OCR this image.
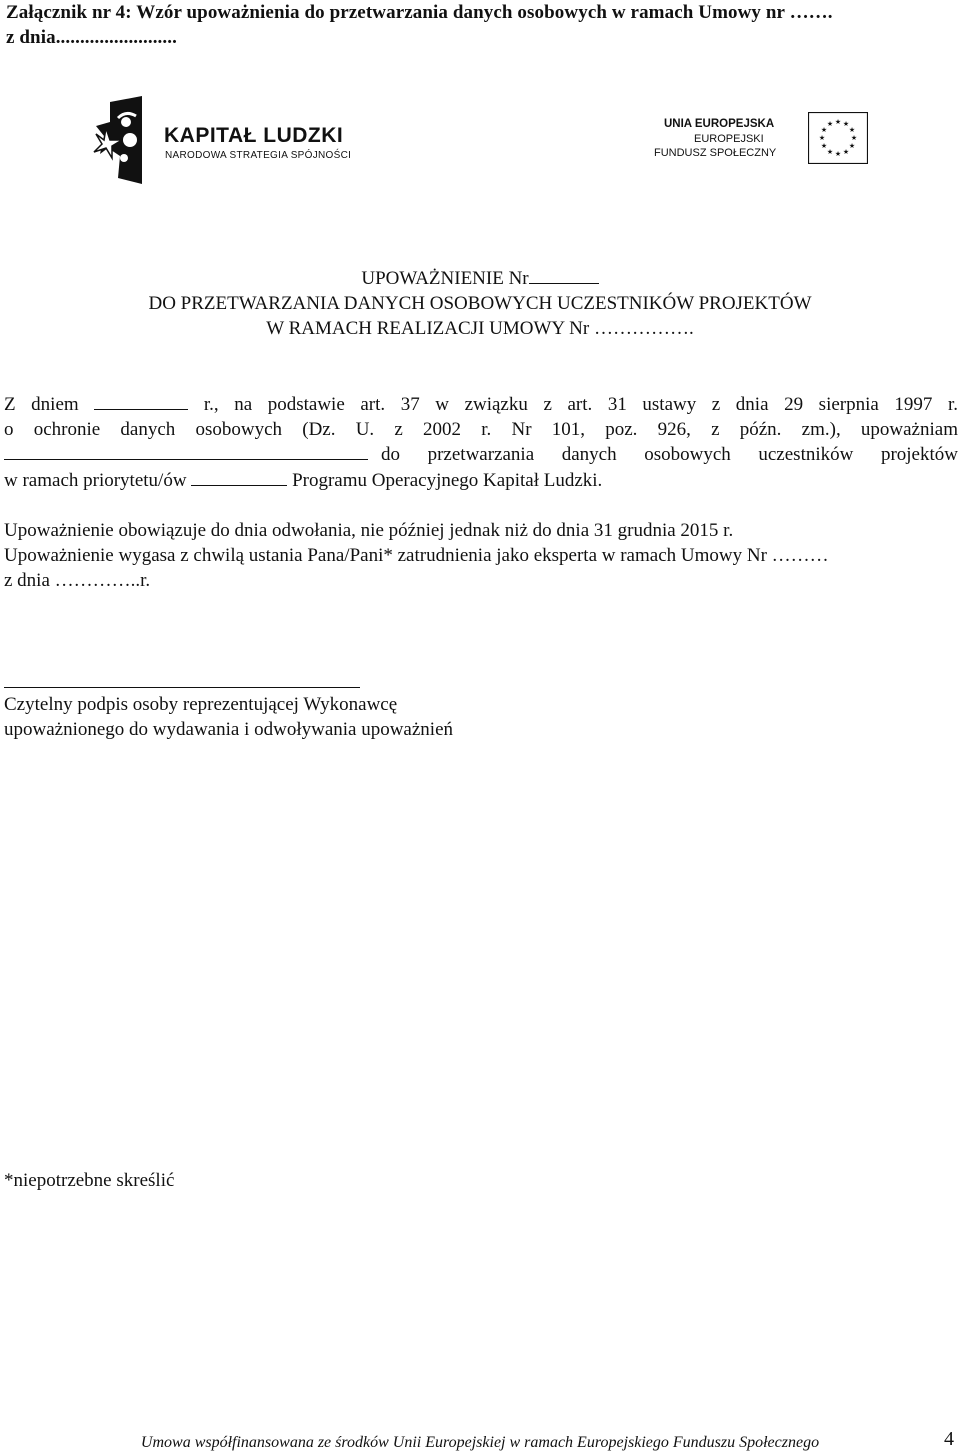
Załącznik nr 4: Wzór upoważnienia do przetwarzania danych osobowych w ramach Umowy nr …….
z dnia.........................
KAPITAŁ LUDZKI
NARODOWA STRATEGIA SPÓJNOŚCI
UNIA EUROPEJSKA
EUROPEJSKI
FUNDUSZ SPOŁECZNY
★ ★
★
★
★
★
★
★
★
★
★
★
UPOWAŻNIENIE Nr
DO PRZETWARZANIA DANYCH OSOBOWYCH UCZESTNIKÓW PROJEKTÓW
W RAMACH REALIZACJI UMOWY Nr …………….
Z dniem	r., na podstawie art. 37 w związku z art. 31 ustawy z dnia 29 sierpnia 1997 r.
o ochronie danych osobowych (Dz. U. z 2002 r. Nr 101, poz. 926, z późn. zm.), upoważniam
do przetwarzania danych osobowych uczestników projektów
w ramach priorytetu/ów	Programu Operacyjnego Kapitał Ludzki.
Upoważnienie obowiązuje do dnia odwołania, nie później jednak niż do dnia 31 grudnia 2015 r.
Upoważnienie wygasa z chwilą ustania Pana/Pani* zatrudnienia jako eksperta w ramach Umowy Nr ………
z dnia …………..r.
Czytelny podpis osoby reprezentującej Wykonawcę
upoważnionego do wydawania i odwoływania upoważnień
*niepotrzebne skreślić
Umowa współfinansowana ze środków Unii Europejskiej w ramach Europejskiego Funduszu Społecznego	4
